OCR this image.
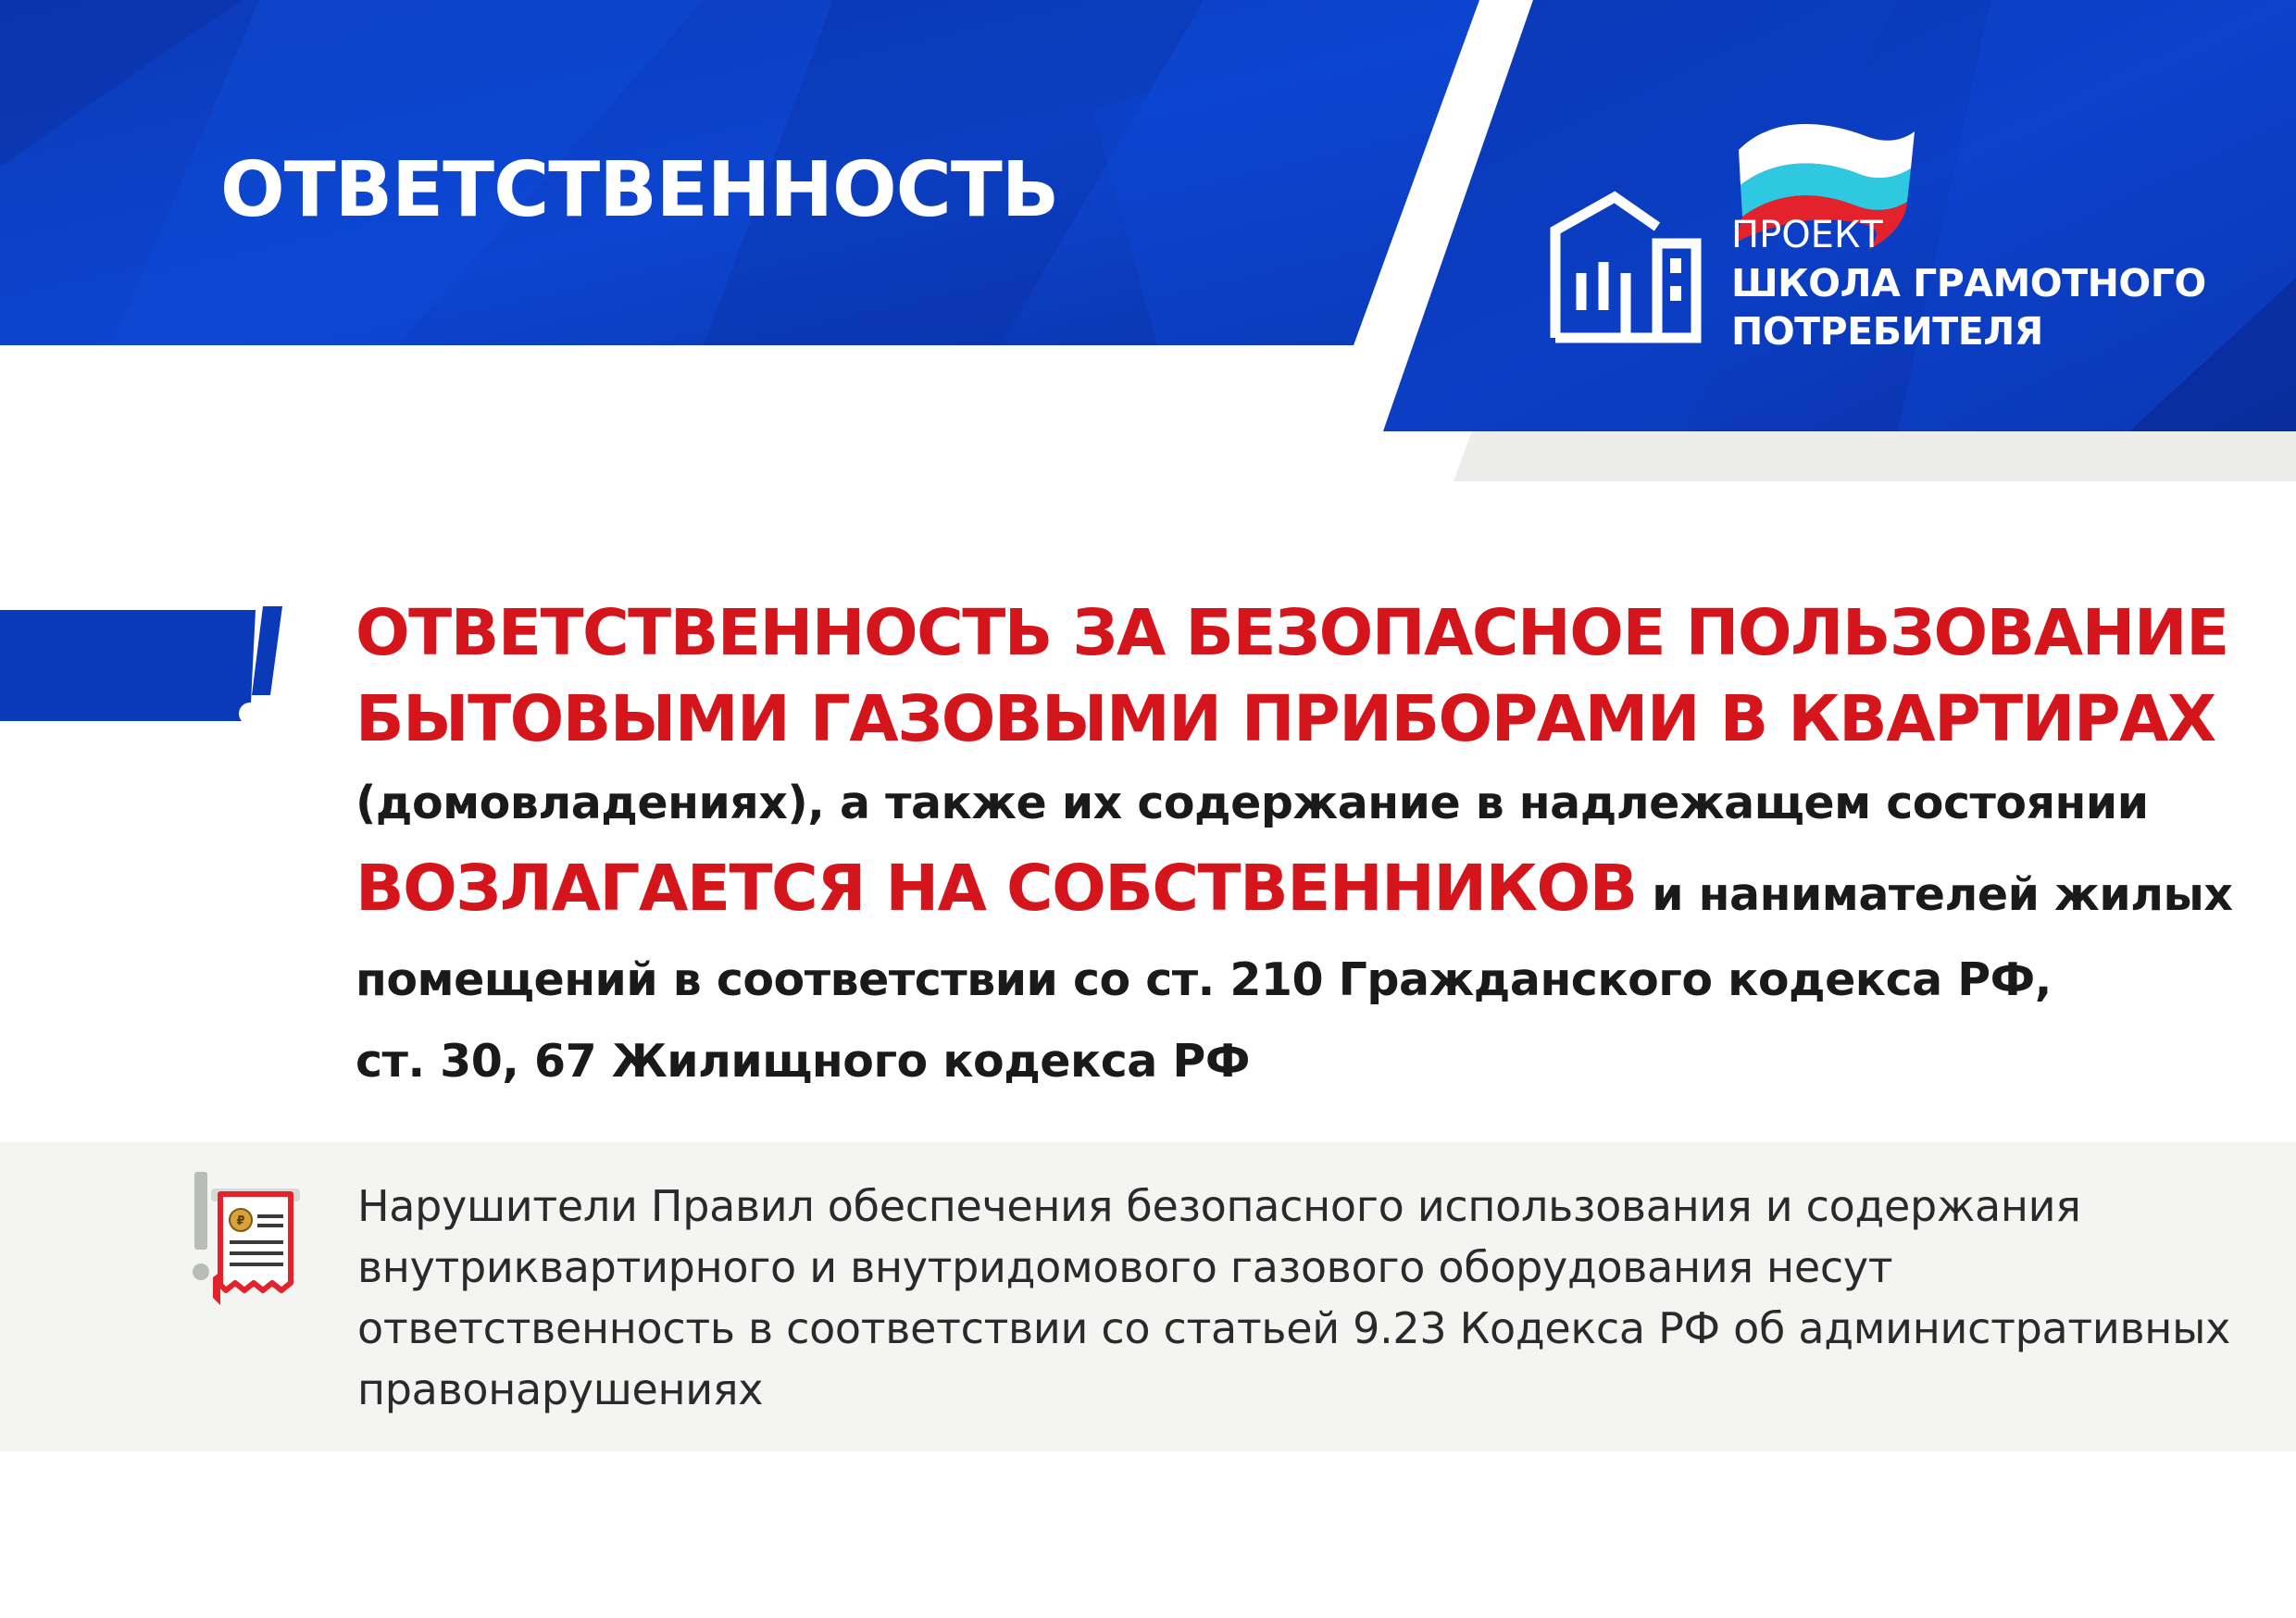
ОТВЕТСТВЕННОСТЬ
ПРОЕКТ
ШКОЛА ГРАМОТНОГО
ПОТРЕБИТЕЛЯ
ОТВЕТСТВЕННОСТЬ ЗА БЕЗОПАСНОЕ ПОЛЬЗОВАНИЕ
БЫТОВЫМИ ГАЗОВЫМИ ПРИБОРАМИ В КВАРТИРАХ
(домовладениях), а также их содержание в надлежащем состоянии
ВОЗЛАГАЕТСЯ НА СОБСТВЕННИКОВ и нанимателей жилых
помещений в соответствии со ст. 210 Гражданского кодекса РФ,
ст. 30, 67 Жилищного кодекса РФ
₽	Нарушители Правил обеспечения безопасного использования и содержания
внутриквартирного и внутридомового газового оборудования несут
ответственность в соответствии со статьей 9.23 Кодекса РФ об административных
правонарушениях
